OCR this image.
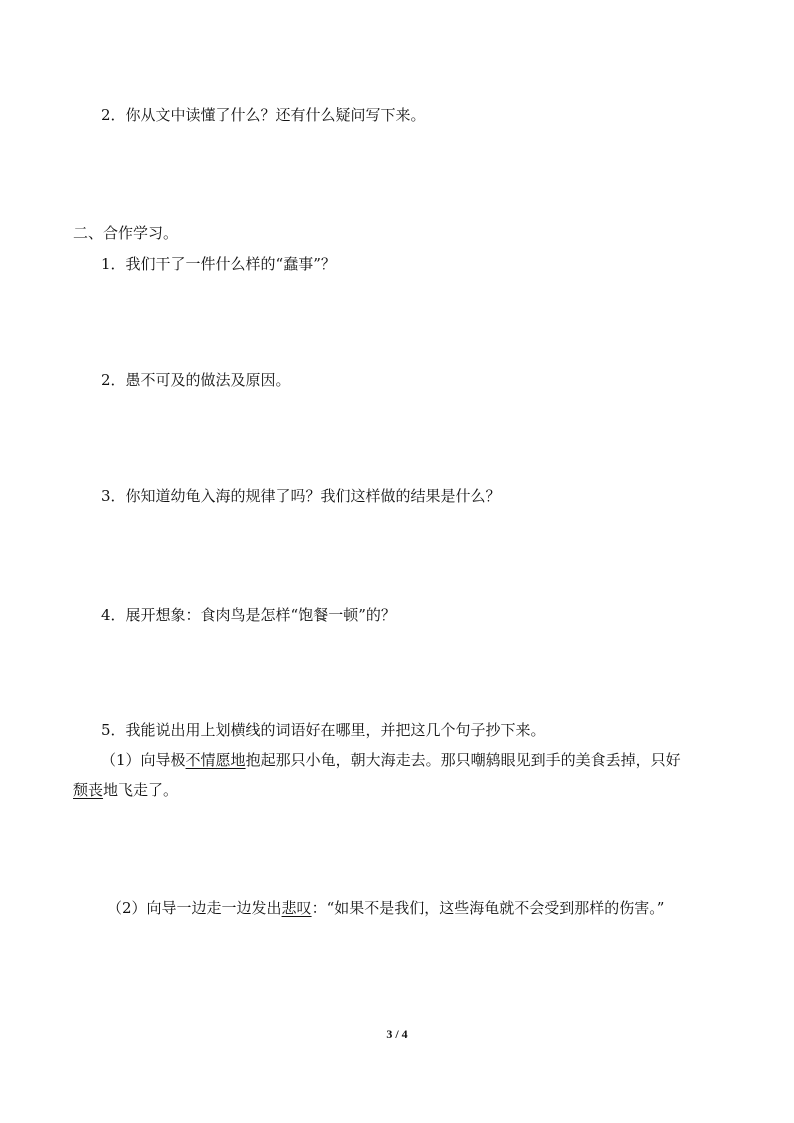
2．你从文中读懂了什么？还有什么疑问写下来。
二、合作学习。
1．我们干了一件什么样的“蠢事”？
2．愚不可及的做法及原因。
3．你知道幼龟入海的规律了吗？我们这样做的结果是什么？
4．展开想象：食肉鸟是怎样“饱餐一顿”的？
5．我能说出用上划横线的词语好在哪里，并把这几个句子抄下来。
（1）向导极不情愿地抱起那只小龟，朝大海走去。那只嘲鸫眼见到手的美食丢掉，只好
颓丧地飞走了。
（2）向导一边走一边发出悲叹：“如果不是我们，这些海龟就不会受到那样的伤害。”
3 / 4
